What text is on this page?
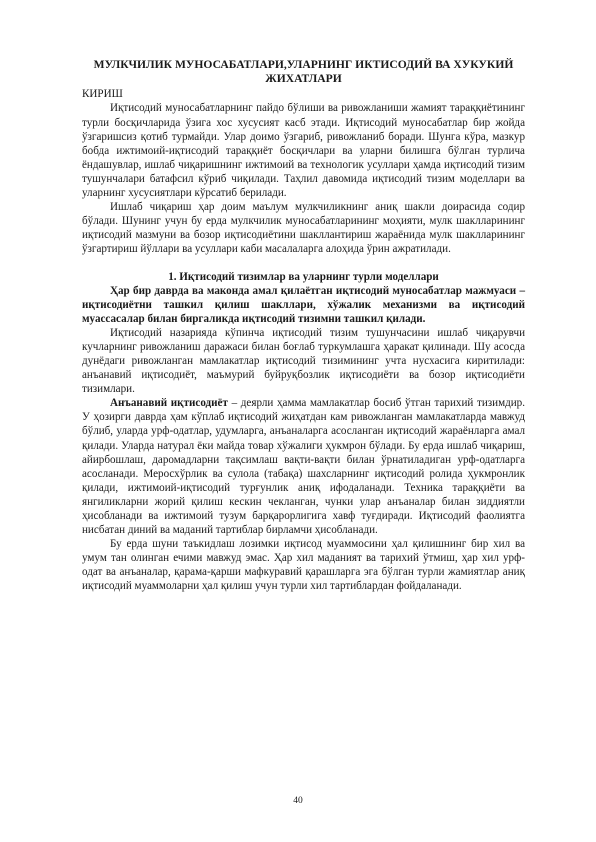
МУЛКЧИЛИК МУНОСАБАТЛАРИ,УЛАРНИНГ ИКТИСОДИЙ ВА ХУКУКИЙ ЖИХАТЛАРИ
КИРИШ

Иқтисодий муносабатларнинг пайдо бўлиши ва ривожланиши жамият тараққиётининг турли босқичларида ўзига хос хусусият касб этади. Иқтисодий муносабатлар бир жойда ўзгаришсиз қотиб турмайди. Улар доимо ўзгариб, ривожланиб боради. Шунга кўра, мазкур бобда ижтимоий-иқтисодий тараққиёт босқичлари ва уларни билишга бўлган турлича ёндашувлар, ишлаб чиқаришнинг ижтимоий ва технологик усуллари ҳамда иқтисодий тизим тушунчалари батафсил кўриб чиқилади. Таҳлил давомида иқтисодий тизим моделлари ва уларнинг хусусиятлари кўрсатиб берилади.

Ишлаб чиқариш ҳар доим маълум мулкчиликнинг аниқ шакли доирасида содир бўлади. Шунинг учун бу ерда мулкчилик муносабатларининг моҳияти, мулк шаклларининг иқтисодий мазмуни ва бозор иқтисодиётини шакллантириш жараёнида мулк шаклларининг ўзгартириш йўллари ва усуллари каби масалаларга алоҳида ўрин ажратилади.

1. Иқтисодий тизимлар ва уларнинг турли моделлари

Ҳар бир даврда ва маконда амал қилаётган иқтисодий муносабатлар мажмуаси – иқтисодиётни ташкил қилиш шакллари, хўжалик механизми ва иқтисодий муассасалар билан биргаликда иқтисодий тизимни ташкил қилади.

Иқтисодий назарияда кўпинча иқтисодий тизим тушунчасини ишлаб чиқарувчи кучларнинг ривожланиш даражаси билан боғлаб туркумлашга ҳаракат қилинади. Шу асосда дунёдаги ривожланган мамлакатлар иқтисодий тизимининг учта нусхасига киритилади: анъанавий иқтисодиёт, маъмурий буйруқбозлик иқтисодиёти ва бозор иқтисодиёти тизимлари.

Анъанавий иқтисодиёт – деярли ҳамма мамлакатлар босиб ўтган тарихий тизимдир. У ҳозирги даврда ҳам кўплаб иқтисодий жиҳатдан кам ривожланган мамлакатларда мавжуд бўлиб, уларда урф-одатлар, удумларга, анъаналарга асосланган иқтисодий жараёнларга амал қилади. Уларда натурал ёки майда товар хўжалиги ҳукмрон бўлади. Бу ерда ишлаб чиқариш, айирбошлаш, даромадларни тақсимлаш вақти-вақти билан ўрнатиладиган урф-одатларга асосланади. Меросхўрлик ва сулола (табақа) шахсларнинг иқтисодий ролида ҳукмронлик қилади, ижтимоий-иқтисодий турғунлик аниқ ифодаланади. Техника тараққиёти ва янгиликларни жорий қилиш кескин чекланган, чунки улар анъаналар билан зиддиятли ҳисобланади ва ижтимоий тузум барқарорлигига хавф туғдиради. Иқтисодий фаолиятга нисбатан диний ва маданий тартиблар бирламчи ҳисобланади.

Бу ерда шуни таъкидлаш лозимки иқтисод муаммосини ҳал қилишнинг бир хил ва умум тан олинган ечими мавжуд эмас. Ҳар хил маданият ва тарихий ўтмиш, ҳар хил урф-одат ва анъаналар, қарама-қарши мафкуравий қарашларга эга бўлган турли жамиятлар аниқ иқтисодий муаммоларни ҳал қилиш учун турли хил тартиблардан фойдаланади.

40
